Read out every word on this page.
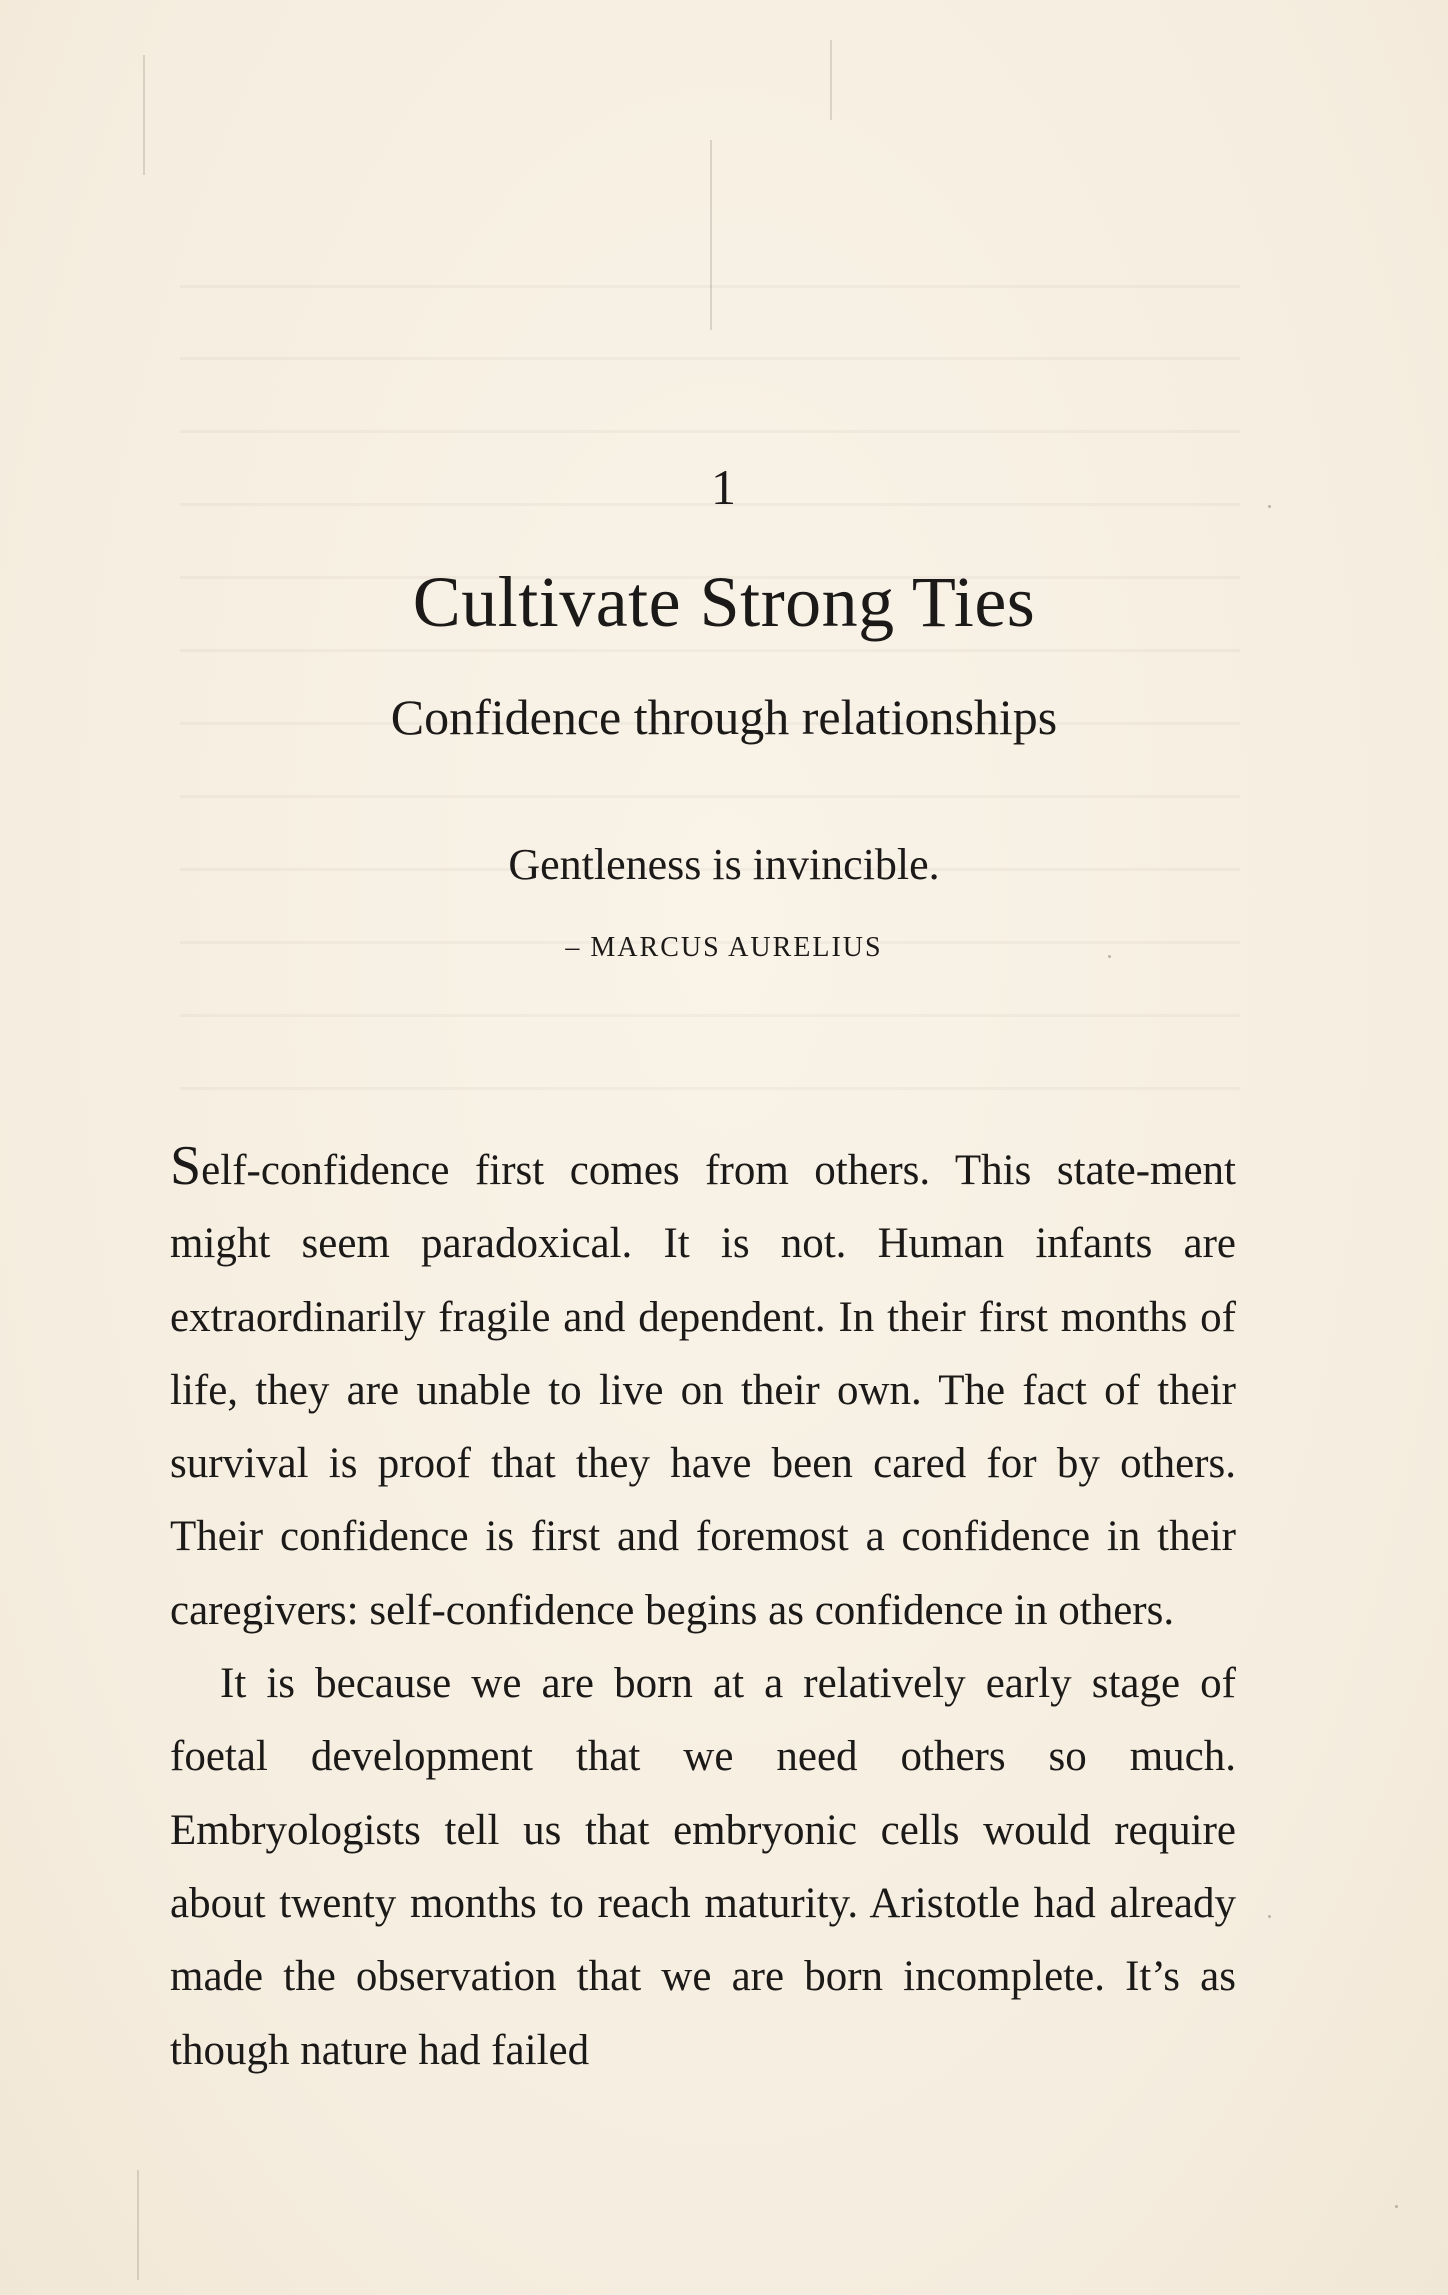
1
Cultivate Strong Ties
Confidence through relationships
Gentleness is invincible.
– MARCUS AURELIUS

Self-confidence first comes from others. This state-ment might seem paradoxical. It is not. Human infants are extraordinarily fragile and dependent. In their first months of life, they are unable to live on their own. The fact of their survival is proof that they have been cared for by others. Their confidence is first and foremost a confidence in their caregivers: self-confidence begins as confidence in others.

It is because we are born at a relatively early stage of foetal development that we need others so much. Embryologists tell us that embryonic cells would require about twenty months to reach maturity. Aristotle had already made the observation that we are born incomplete. It’s as though nature had failed
